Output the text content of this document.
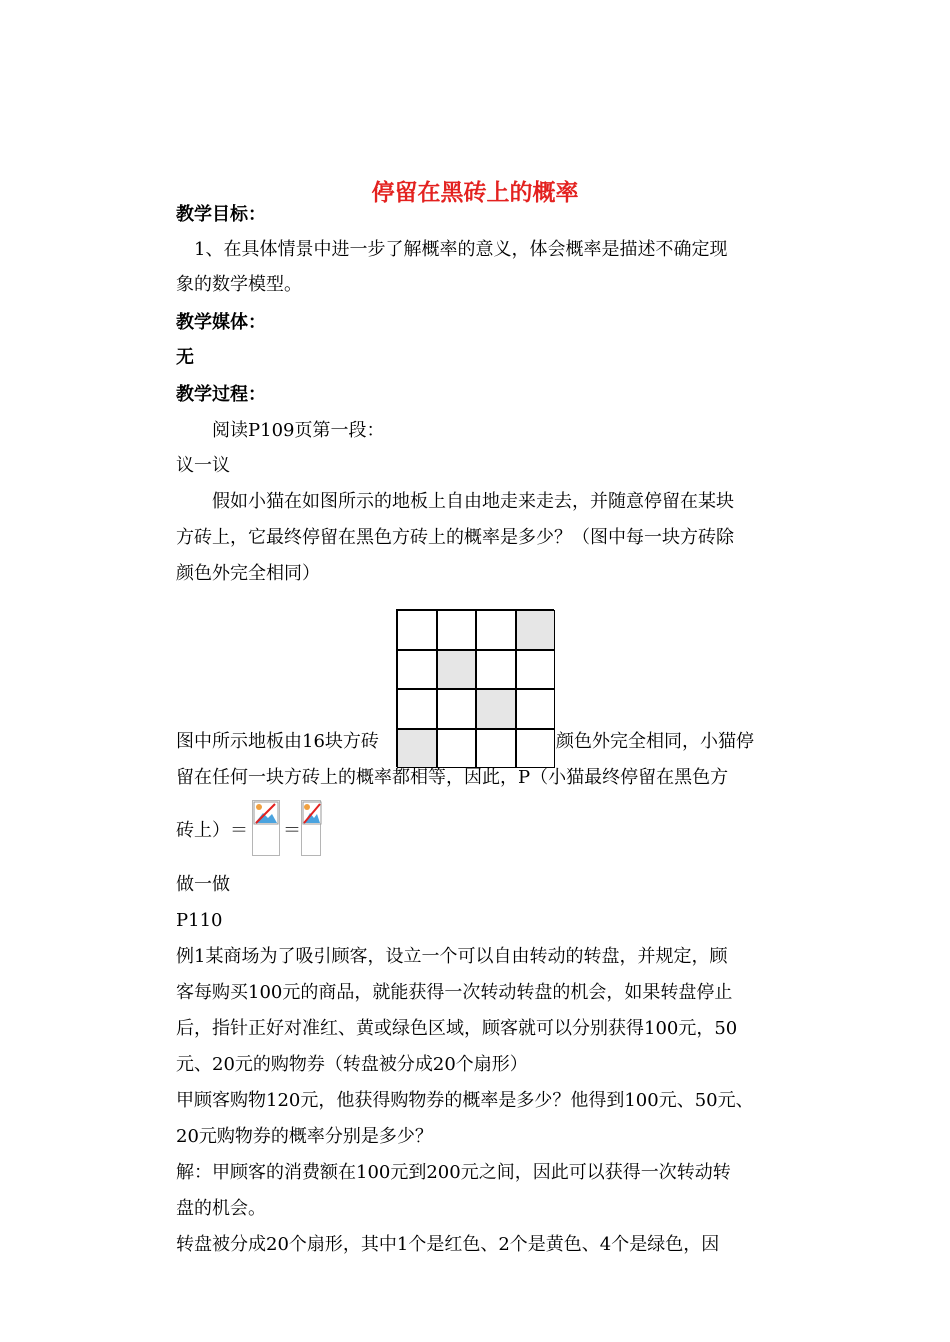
停留在黑砖上的概率
教学目标：
1、在具体情景中进一步了解概率的意义，体会概率是描述不确定现
象的数学模型。
教学媒体：
无
教学过程：
阅读P109页第一段：
议一议
假如小猫在如图所示的地板上自由地走来走去，并随意停留在某块
方砖上，它最终停留在黑色方砖上的概率是多少？（图中每一块方砖除
颜色外完全相同）
图中所示地板由16块方砖	颜色外完全相同，小猫停
留在任何一块方砖上的概率都相等，因此，P（小猫最终停留在黑色方
砖上）＝ ＝
做一做
P110
例1某商场为了吸引顾客，设立一个可以自由转动的转盘，并规定，顾
客每购买100元的商品，就能获得一次转动转盘的机会，如果转盘停止
后，指针正好对准红、黄或绿色区域，顾客就可以分别获得100元，50
元、20元的购物券（转盘被分成20个扇形）
甲顾客购物120元，他获得购物券的概率是多少？他得到100元、50元、
20元购物券的概率分别是多少？
解：甲顾客的消费额在100元到200元之间，因此可以获得一次转动转
盘的机会。
转盘被分成20个扇形，其中1个是红色、2个是黄色、4个是绿色，因
